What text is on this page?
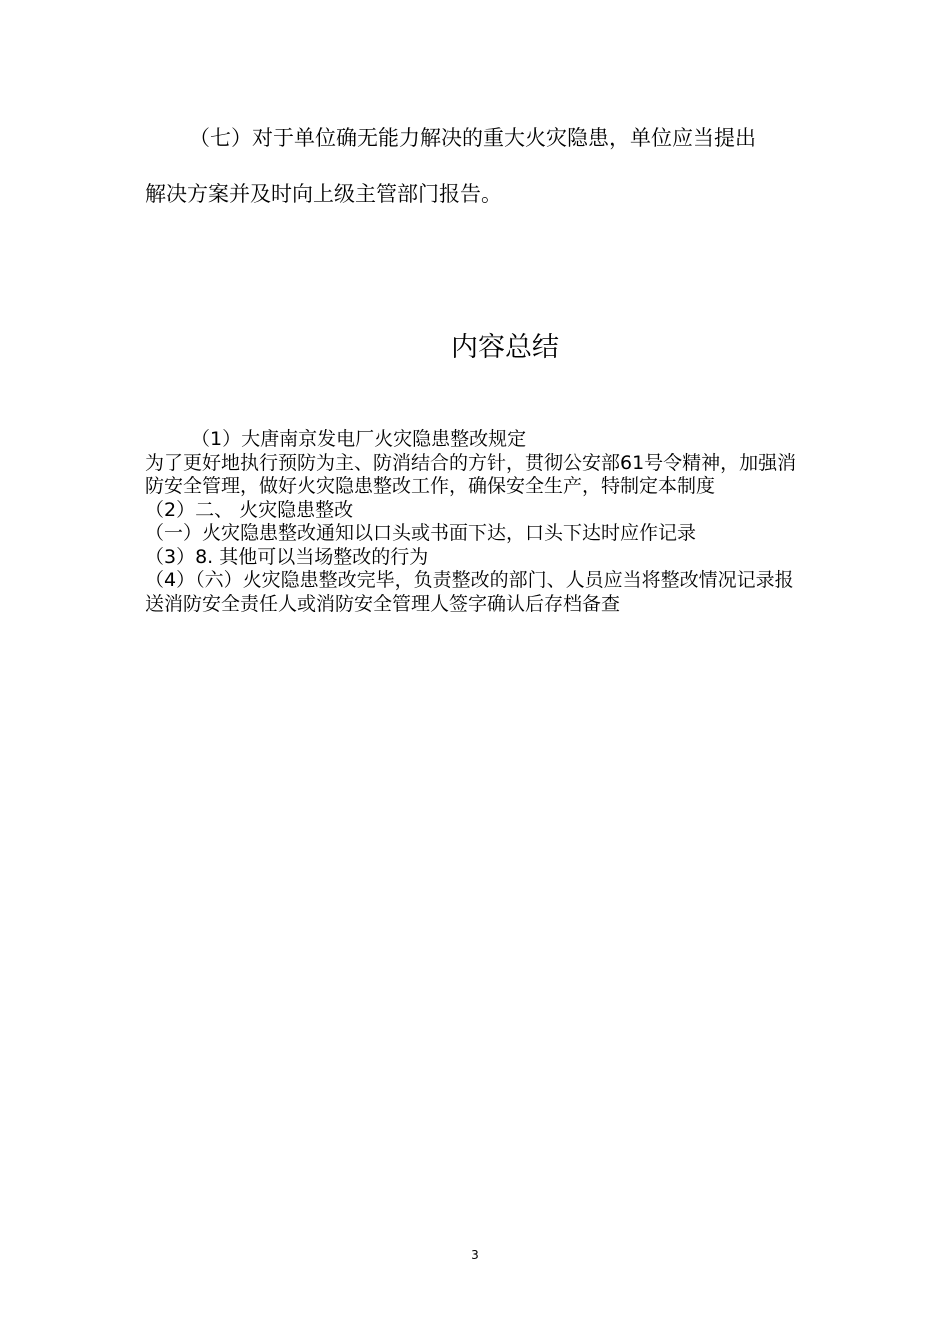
（七）对于单位确无能力解决的重大火灾隐患，单位应当提出
解决方案并及时向上级主管部门报告。

内容总结

（1）大唐南京发电厂火灾隐患整改规定

为了更好地执行预防为主、防消结合的方针，贯彻公安部61号令精神，加强消防安全管理，做好火灾隐患整改工作，确保安全生产，特制定本制度

（2）二、 火灾隐患整改

（一）火灾隐患整改通知以口头或书面下达，口头下达时应作记录

（3）8. 其他可以当场整改的行为

（4）（六）火灾隐患整改完毕，负责整改的部门、人员应当将整改情况记录报送消防安全责任人或消防安全管理人签字确认后存档备查

3
